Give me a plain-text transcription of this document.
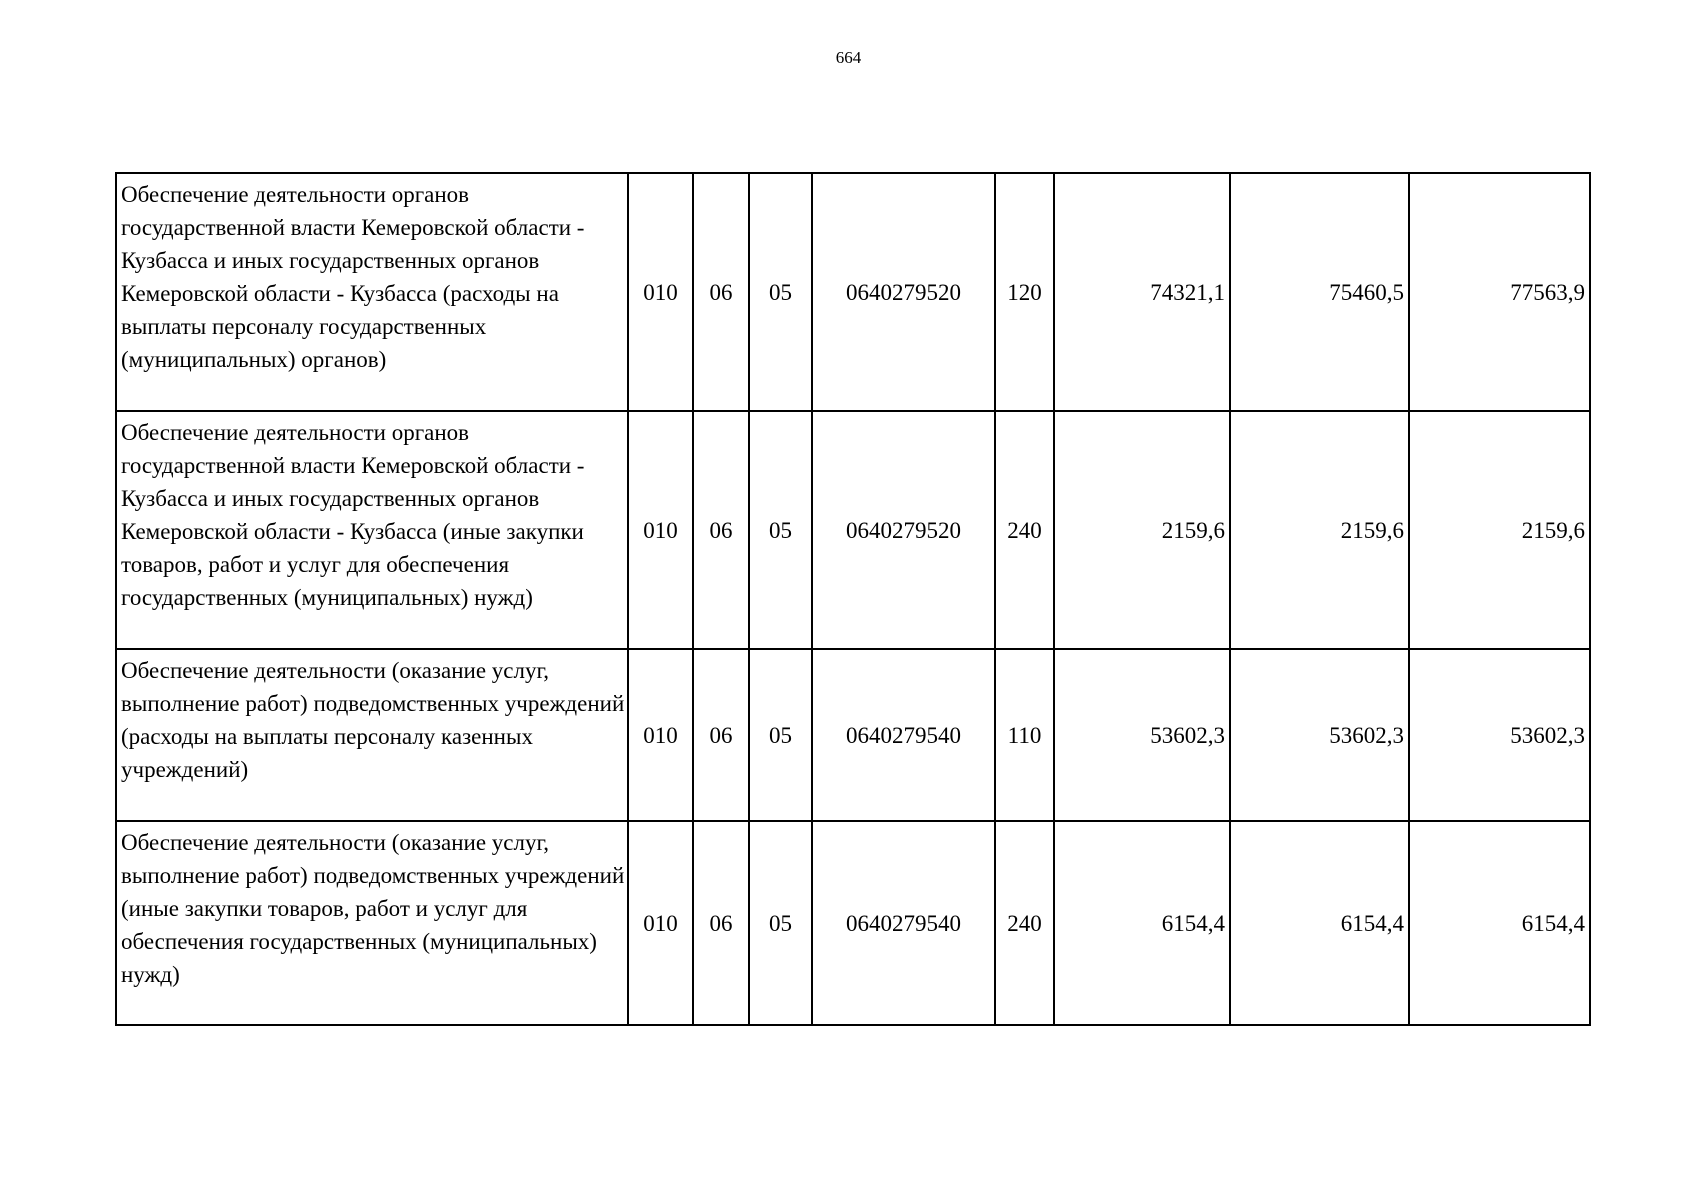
664
Обеспечение деятельности органов государственной власти Кемеровской области - Кузбасса и иных государственных органов Кемеровской области - Кузбасса (расходы на выплаты персоналу государственных (муниципальных) органов)	010	06	05	0640279520	120	74321,1	75460,5	77563,9
Обеспечение деятельности органов государственной власти Кемеровской области - Кузбасса и иных государственных органов Кемеровской области - Кузбасса (иные закупки товаров, работ и услуг для обеспечения государственных (муниципальных) нужд)	010	06	05	0640279520	240	2159,6	2159,6	2159,6
Обеспечение деятельности (оказание услуг, выполнение работ) подведомственных учреждений (расходы на выплаты персоналу казенных учреждений)	010	06	05	0640279540	110	53602,3	53602,3	53602,3
Обеспечение деятельности (оказание услуг, выполнение работ) подведомственных учреждений (иные закупки товаров, работ и услуг для обеспечения государственных (муниципальных) нужд)	010	06	05	0640279540	240	6154,4	6154,4	6154,4
